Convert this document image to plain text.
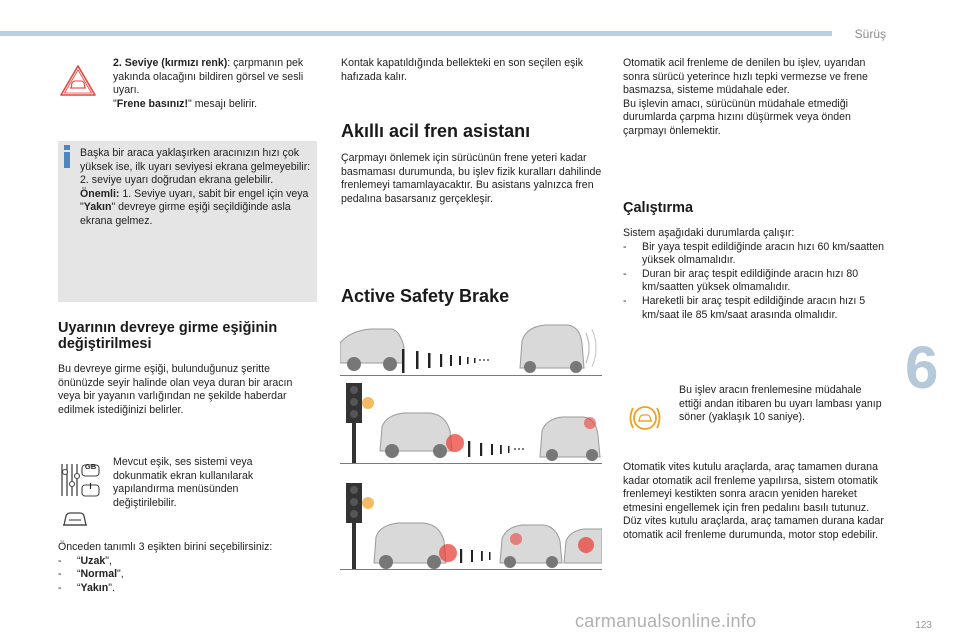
Sürüş
6

2. Seviye (kırmızı renk): çarpmanın pek yakında olacağını bildiren görsel ve sesli uyarı.
"Frene basınız!" mesajı belirir.

Başka bir araca yaklaşırken aracınızın hızı çok yüksek ise, ilk uyarı seviyesi ekrana gelmeyebilir: 2. seviye uyarı doğrudan ekrana gelebilir.

Önemli: 1. Seviye uyarı, sabit bir engel için veya "Yakın" devreye girme eşiği seçildiğinde asla ekrana gelmez.

Uyarının devreye girme eşiğinin değiştirilmesi
Bu devreye girme eşiği, bulunduğunuz şeritte önünüzde seyir halinde olan veya duran bir aracın veya bir yayanın varlığından ne şekilde haberdar edilmek istediğinizi belirler.
GB
I
Mevcut eşik, ses sistemi veya dokunmatik ekran kullanılarak yapılandırma menüsünden değiştirilebilir.

Önceden tanımlı 3 eşikten birini seçebilirsiniz:

- “Uzak",
- “Normal",
- “Yakın".
Kontak kapatıldığında bellekteki en son seçilen eşik hafızada kalır.
Akıllı acil fren asistanı
Çarpmayı önlemek için sürücünün frene yeteri kadar basmaması durumunda, bu işlev fizik kuralları dahilinde frenlemeyi tamamlayacaktır. Bu asistans yalnızca fren pedalına basarsanız gerçekleşir.
Active Safety Brake

Otomatik acil frenleme de denilen bu işlev, uyarıdan sonra sürücü yeterince hızlı tepki vermezse ve frene basmazsa, sisteme müdahale eder.

Bu işlevin amacı, sürücünün müdahale etmediği durumlarda çarpma hızını düşürmek veya önden çarpmayı önlemektir.

Çalıştırma

Sistem aşağıdaki durumlarda çalışır:

- Bir yaya tespit edildiğinde aracın hızı 60 km/saatten yüksek olmamalıdır.
- Duran bir araç tespit edildiğinde aracın hızı 80 km/saatten yüksek olmamalıdır.
- Hareketli bir araç tespit edildiğinde aracın hızı 5 km/saat ile 85 km/saat arasında olmalıdır.
Bu işlev aracın frenlemesine müdahale ettiği andan itibaren bu uyarı lambası yanıp söner (yaklaşık 10 saniye).

Otomatik vites kutulu araçlarda, araç tamamen durana kadar otomatik acil frenleme yapılırsa, sistem otomatik frenlemeyi kestikten sonra aracın yeniden hareket etmesini engellemek için fren pedalını basılı tutunuz.

Düz vites kutulu araçlarda, araç tamamen durana kadar otomatik acil frenleme durumunda, motor stop edebilir.

carmanualsonline.info	123
